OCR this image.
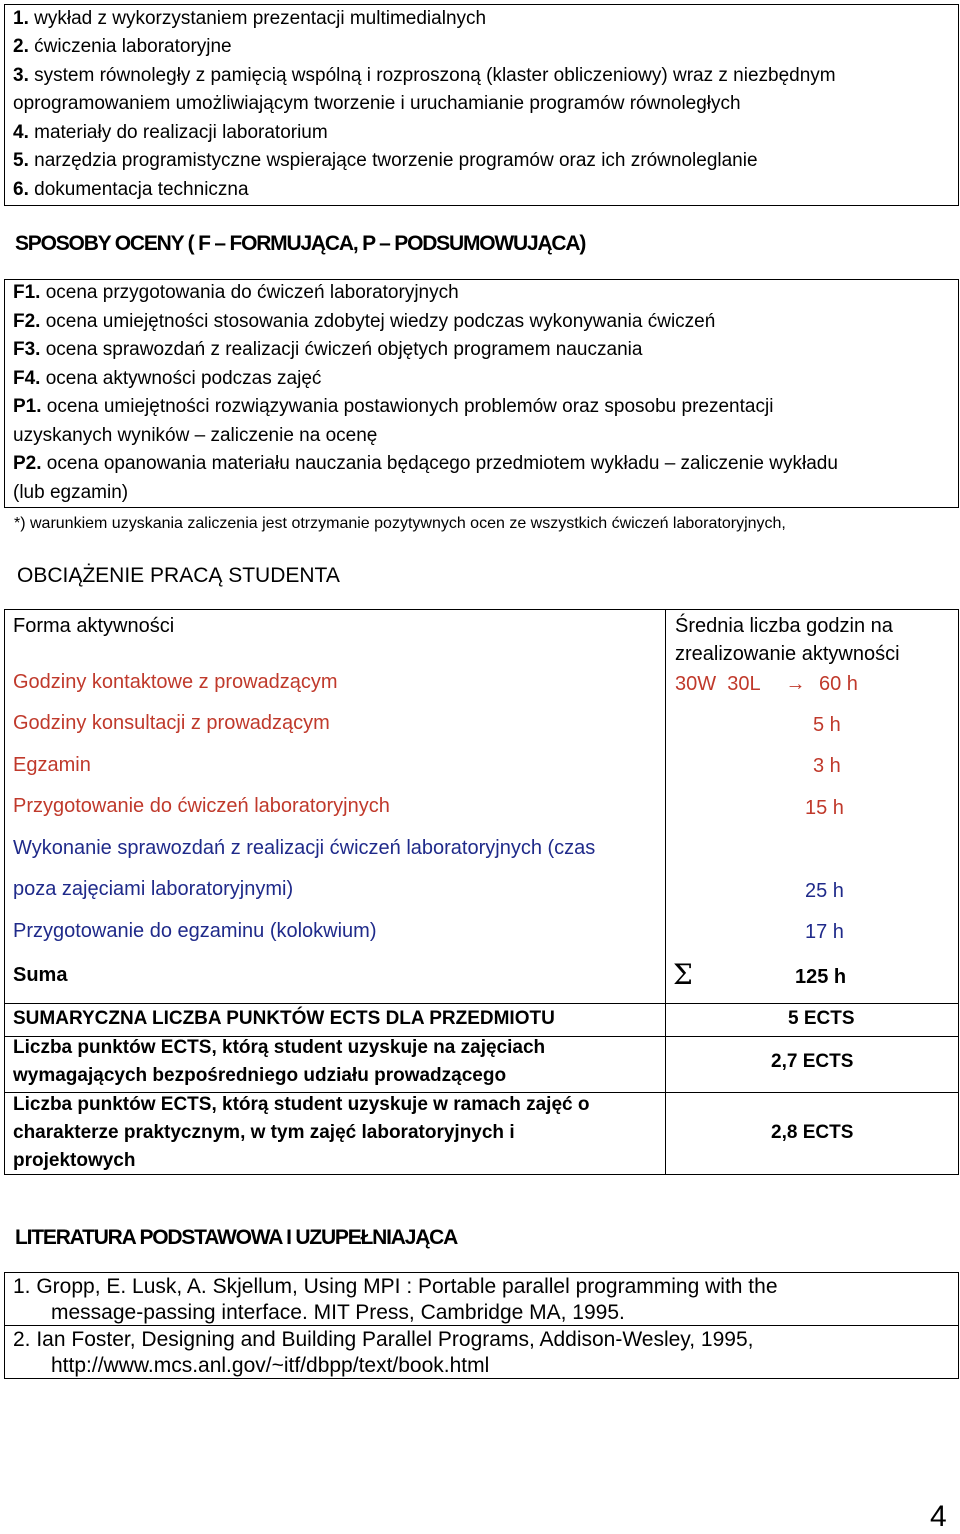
1. wykład z wykorzystaniem prezentacji multimedialnych
2. ćwiczenia laboratoryjne
3. system równoległy z pamięcią wspólną i rozproszoną (klaster obliczeniowy) wraz z niezbędnym
oprogramowaniem umożliwiającym tworzenie i uruchamianie programów równoległych
4. materiały do realizacji laboratorium
5. narzędzia programistyczne wspierające tworzenie programów oraz ich zrównoleglanie
6. dokumentacja techniczna
SPOSOBY OCENY ( F – FORMUJĄCA, P – PODSUMOWUJĄCA)
F1. ocena przygotowania do ćwiczeń laboratoryjnych
F2. ocena umiejętności stosowania zdobytej wiedzy podczas wykonywania ćwiczeń
F3. ocena sprawozdań z realizacji ćwiczeń objętych programem nauczania
F4. ocena aktywności podczas zajęć
P1. ocena umiejętności rozwiązywania postawionych problemów oraz sposobu prezentacji
uzyskanych wyników – zaliczenie na ocenę
P2. ocena opanowania materiału nauczania będącego przedmiotem wykładu – zaliczenie wykładu
(lub egzamin)
*) warunkiem uzyskania zaliczenia jest otrzymanie pozytywnych ocen ze wszystkich ćwiczeń laboratoryjnych,
OBCIĄŻENIE PRACĄ STUDENTA
Forma aktywności	Średnia liczba godzin na
zrealizowanie aktywności
Godziny kontaktowe z prowadzącym	30W  30L → 60 h
Godziny konsultacji z prowadzącym	5 h
Egzamin	3 h
Przygotowanie do ćwiczeń laboratoryjnych	15 h
Wykonanie sprawozdań z realizacji ćwiczeń laboratoryjnych (czas
poza zajęciami laboratoryjnymi)	25 h
Przygotowanie do egzaminu (kolokwium)	17 h
Suma	Σ	125 h
SUMARYCZNA LICZBA PUNKTÓW ECTS DLA PRZEDMIOTU	5 ECTS
Liczba punktów ECTS, którą student uzyskuje na zajęciach
wymagających bezpośredniego udziału prowadzącego
2,7 ECTS
Liczba punktów ECTS, którą student uzyskuje w ramach zajęć o
charakterze praktycznym, w tym zajęć laboratoryjnych i
projektowych
2,8 ECTS
LITERATURA PODSTAWOWA I UZUPEŁNIAJĄCA
1. Gropp, E. Lusk, A. Skjellum, Using MPI : Portable parallel programming with the
message-passing interface. MIT Press, Cambridge MA, 1995.
2. Ian Foster, Designing and Building Parallel Programs, Addison-Wesley, 1995,
http://www.mcs.anl.gov/~itf/dbpp/text/book.html
4
